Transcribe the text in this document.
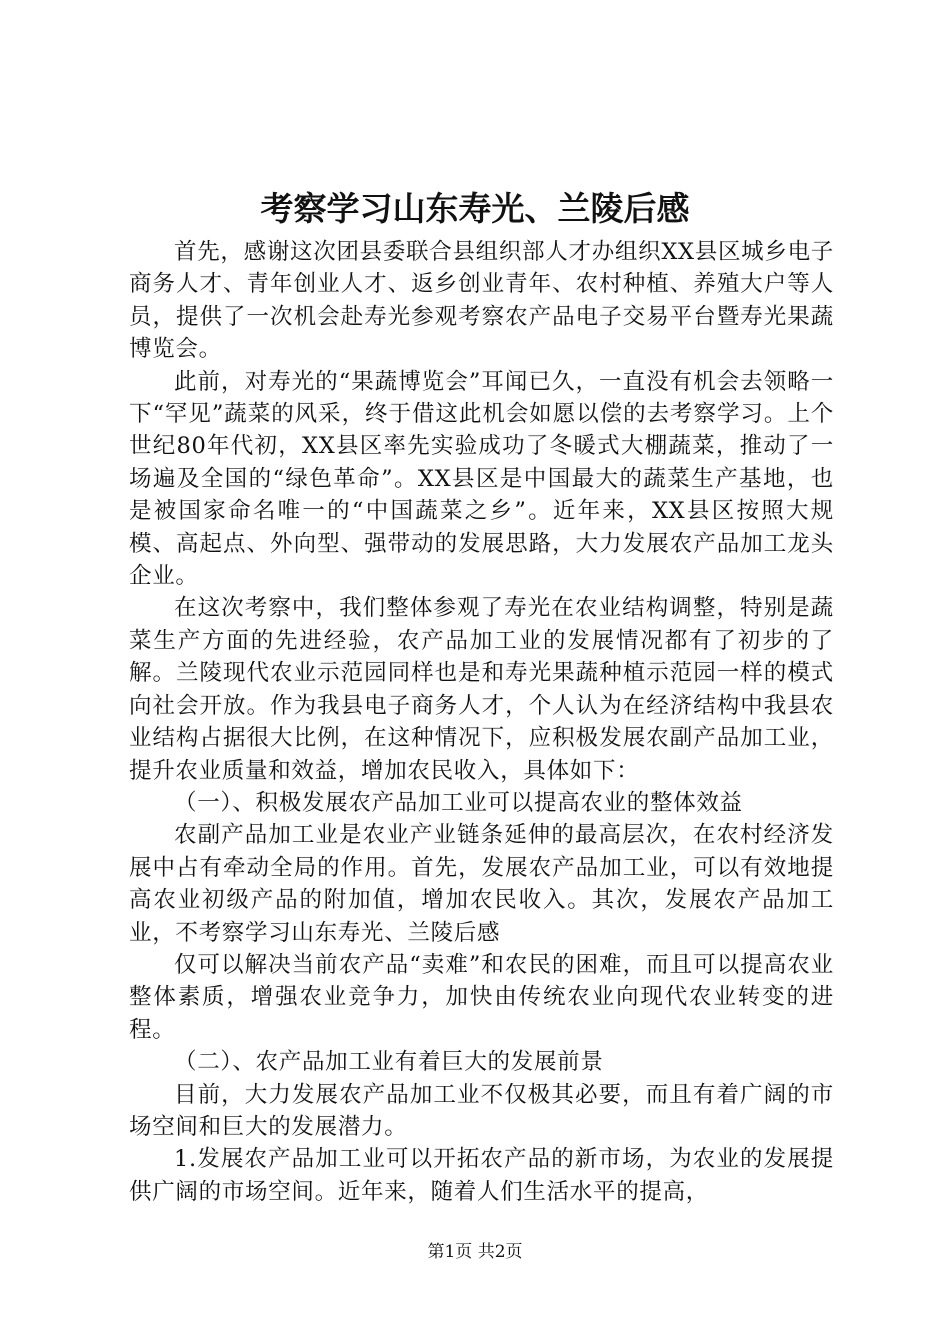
考察学习山东寿光、兰陵后感

首先，感谢这次团县委联合县组织部人才办组织XX县区城乡电子商务人才、青年创业人才、返乡创业青年、农村种植、养殖大户等人员，提供了一次机会赴寿光参观考察农产品电子交易平台暨寿光果蔬博览会。

此前，对寿光的“果蔬博览会”耳闻已久，一直没有机会去领略一下“罕见”蔬菜的风采，终于借这此机会如愿以偿的去考察学习。上个世纪80年代初，XX县区率先实验成功了冬暖式大棚蔬菜，推动了一场遍及全国的“绿色革命”。XX县区是中国最大的蔬菜生产基地，也是被国家命名唯一的“中国蔬菜之乡”。近年来，XX县区按照大规模、高起点、外向型、强带动的发展思路，大力发展农产品加工龙头企业。

在这次考察中，我们整体参观了寿光在农业结构调整，特别是蔬菜生产方面的先进经验，农产品加工业的发展情况都有了初步的了解。兰陵现代农业示范园同样也是和寿光果蔬种植示范园一样的模式向社会开放。作为我县电子商务人才，个人认为在经济结构中我县农业结构占据很大比例，在这种情况下，应积极发展农副产品加工业，提升农业质量和效益，增加农民收入，具体如下：

（一）、积极发展农产品加工业可以提高农业的整体效益

农副产品加工业是农业产业链条延伸的最高层次，在农村经济发展中占有牵动全局的作用。首先，发展农产品加工业，可以有效地提高农业初级产品的附加值，增加农民收入。其次，发展农产品加工业，不考察学习山东寿光、兰陵后感

仅可以解决当前农产品“卖难”和农民的困难，而且可以提高农业整体素质，增强农业竞争力，加快由传统农业向现代农业转变的进程。

（二）、农产品加工业有着巨大的发展前景

目前，大力发展农产品加工业不仅极其必要，而且有着广阔的市场空间和巨大的发展潜力。

1.发展农产品加工业可以开拓农产品的新市场，为农业的发展提供广阔的市场空间。近年来，随着人们生活水平的提高，

第1页 共2页
